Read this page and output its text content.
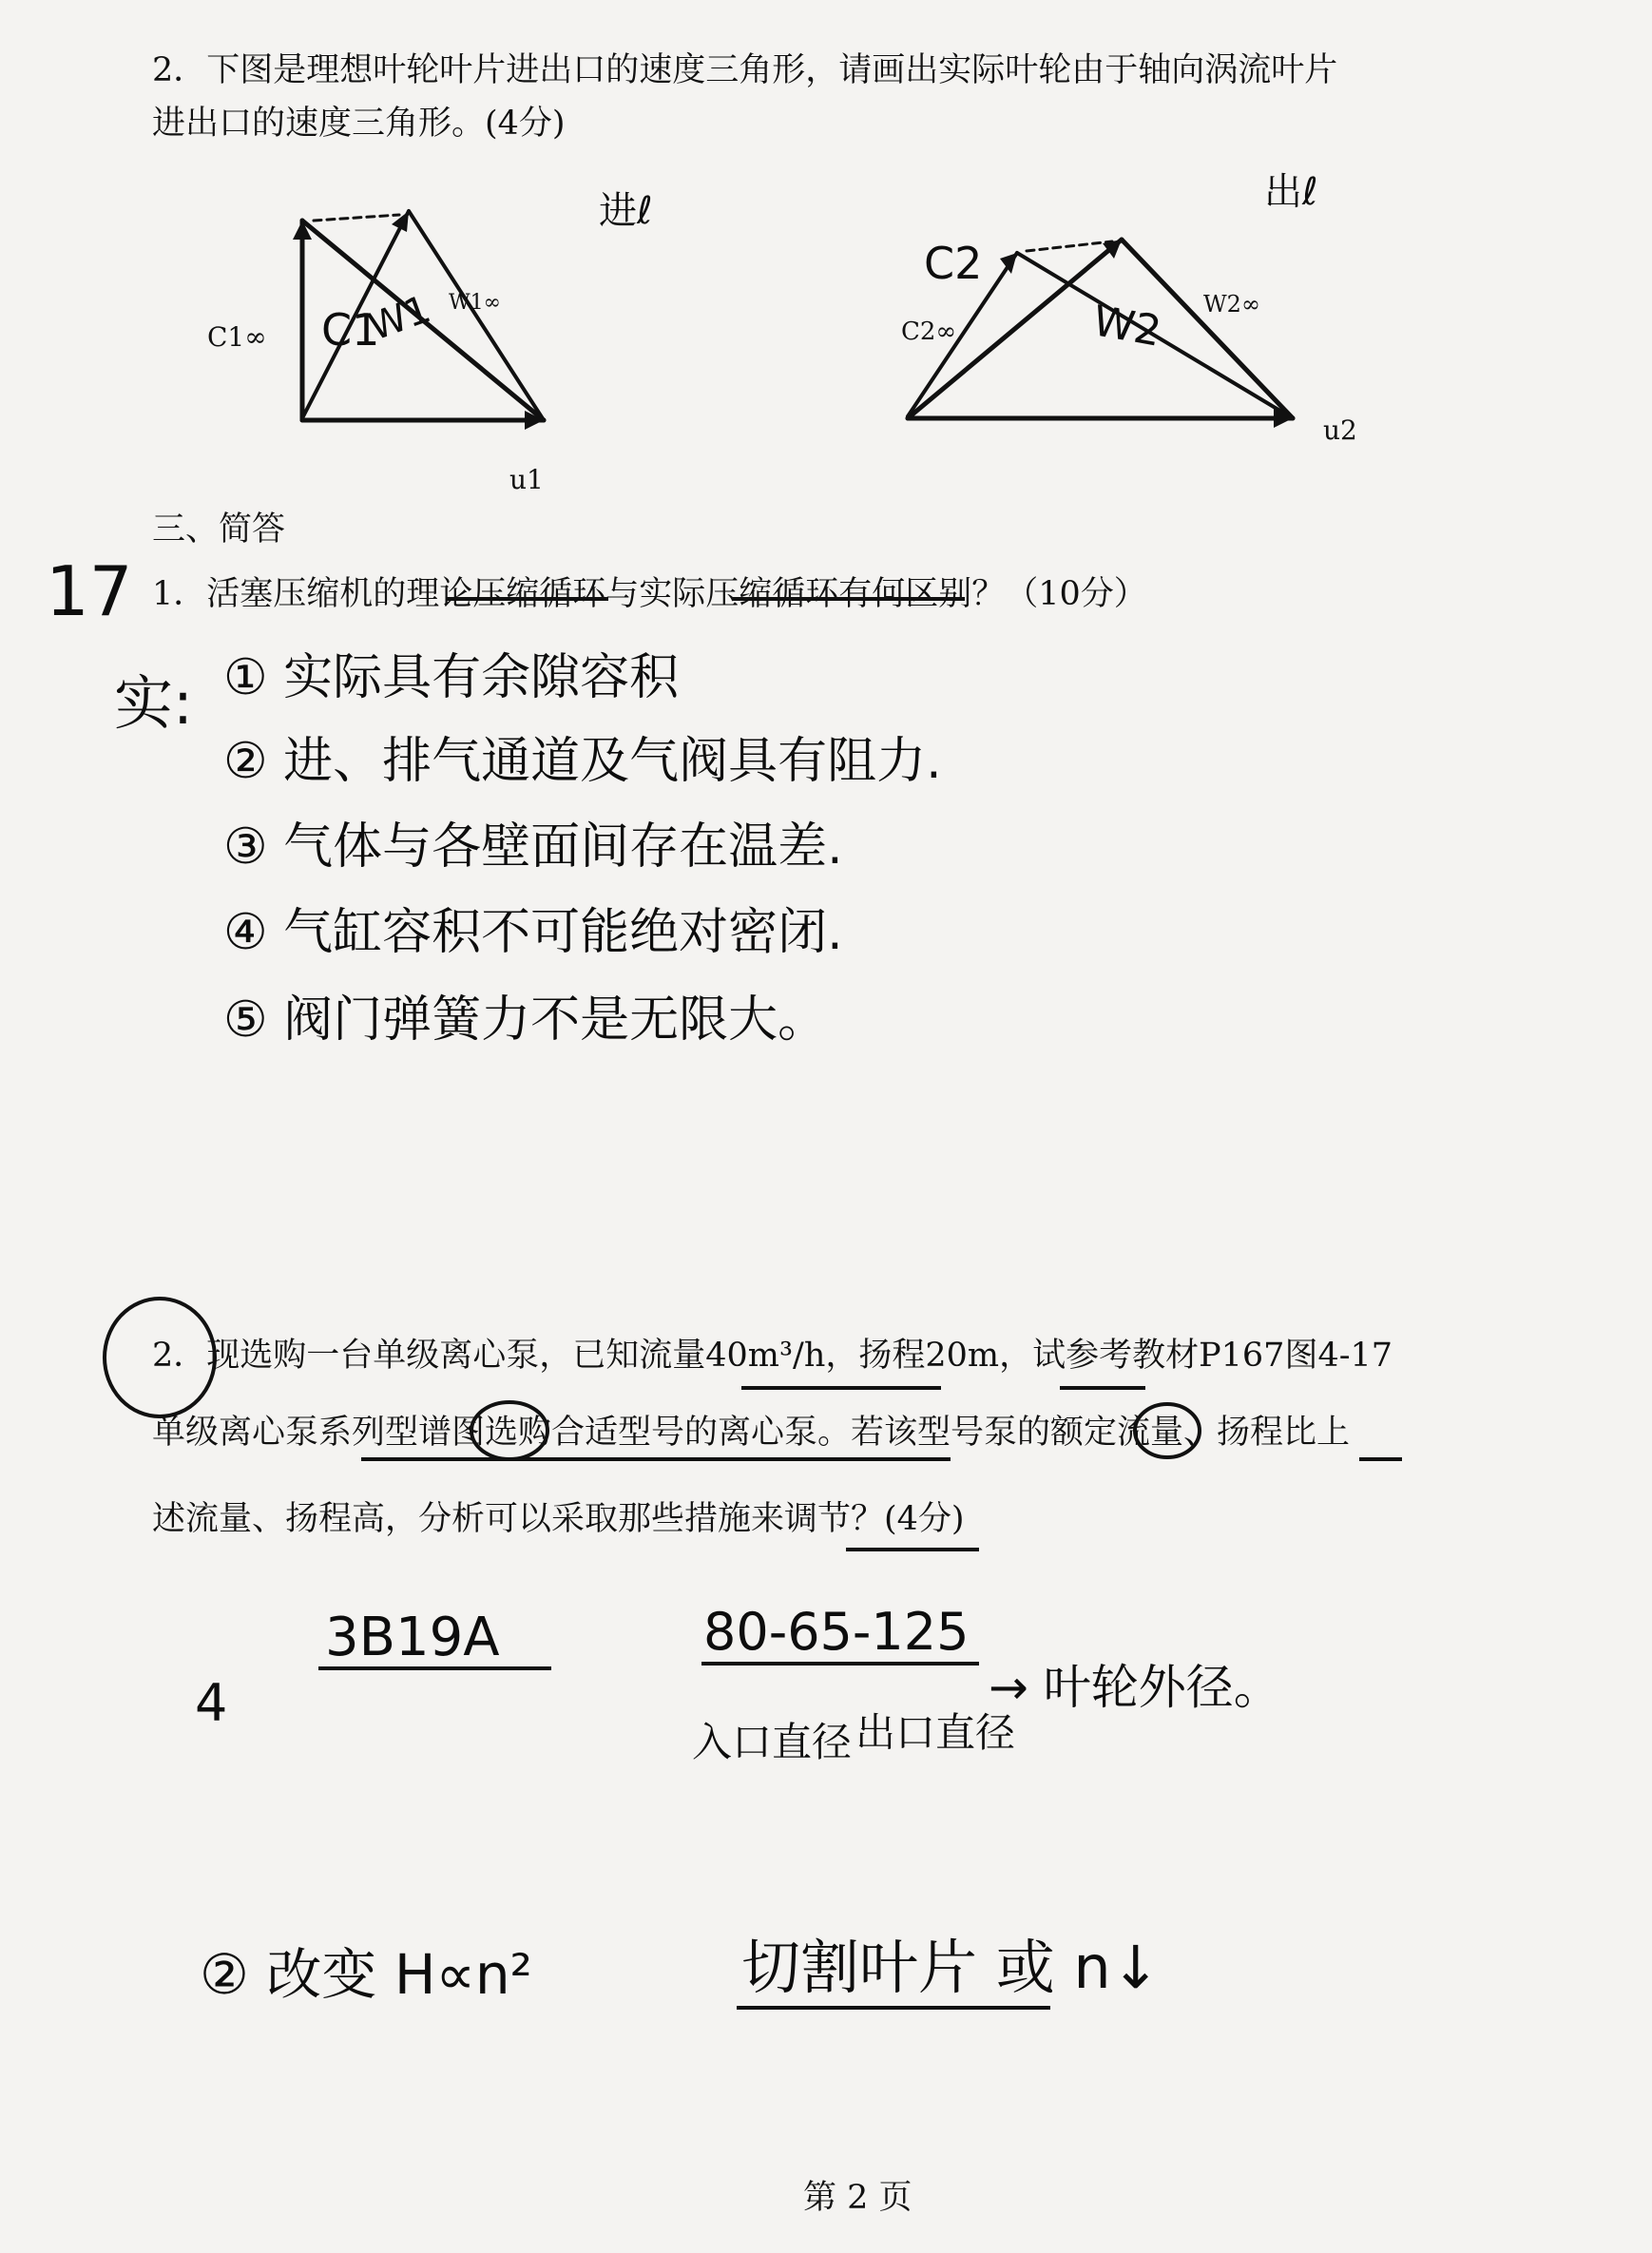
2．下图是理想叶轮叶片进出口的速度三角形，请画出实际叶轮由于轴向涡流叶片
进出口的速度三角形。(4分)
进ℓ	出ℓ
C1∞
W1∞
u1
C1
W1	C2∞
W2∞
u2
C2
W2
三、简答
17 1．活塞压缩机的理论压缩循环与实际压缩循环有何区别？（10分）
实: ① 实际具有余隙容积
② 进、排气通道及气阀具有阻力.
③ 气体与各壁面间存在温差.
④ 气缸容积不可能绝对密闭.
⑤ 阀门弹簧力不是无限大。
2．现选购一台单级离心泵，已知流量40m³/h，扬程20m，试参考教材P167图4-17
单级离心泵系列型谱图选购合适型号的离心泵。若该型号泵的额定流量、扬程比上
述流量、扬程高，分析可以采取那些措施来调节？(4分)
4
3B19A	80-65-125
→ 叶轮外径。
入口直径 出口直径
② 改变 H∝n²	切割叶片 或 n↓
第 2 页
